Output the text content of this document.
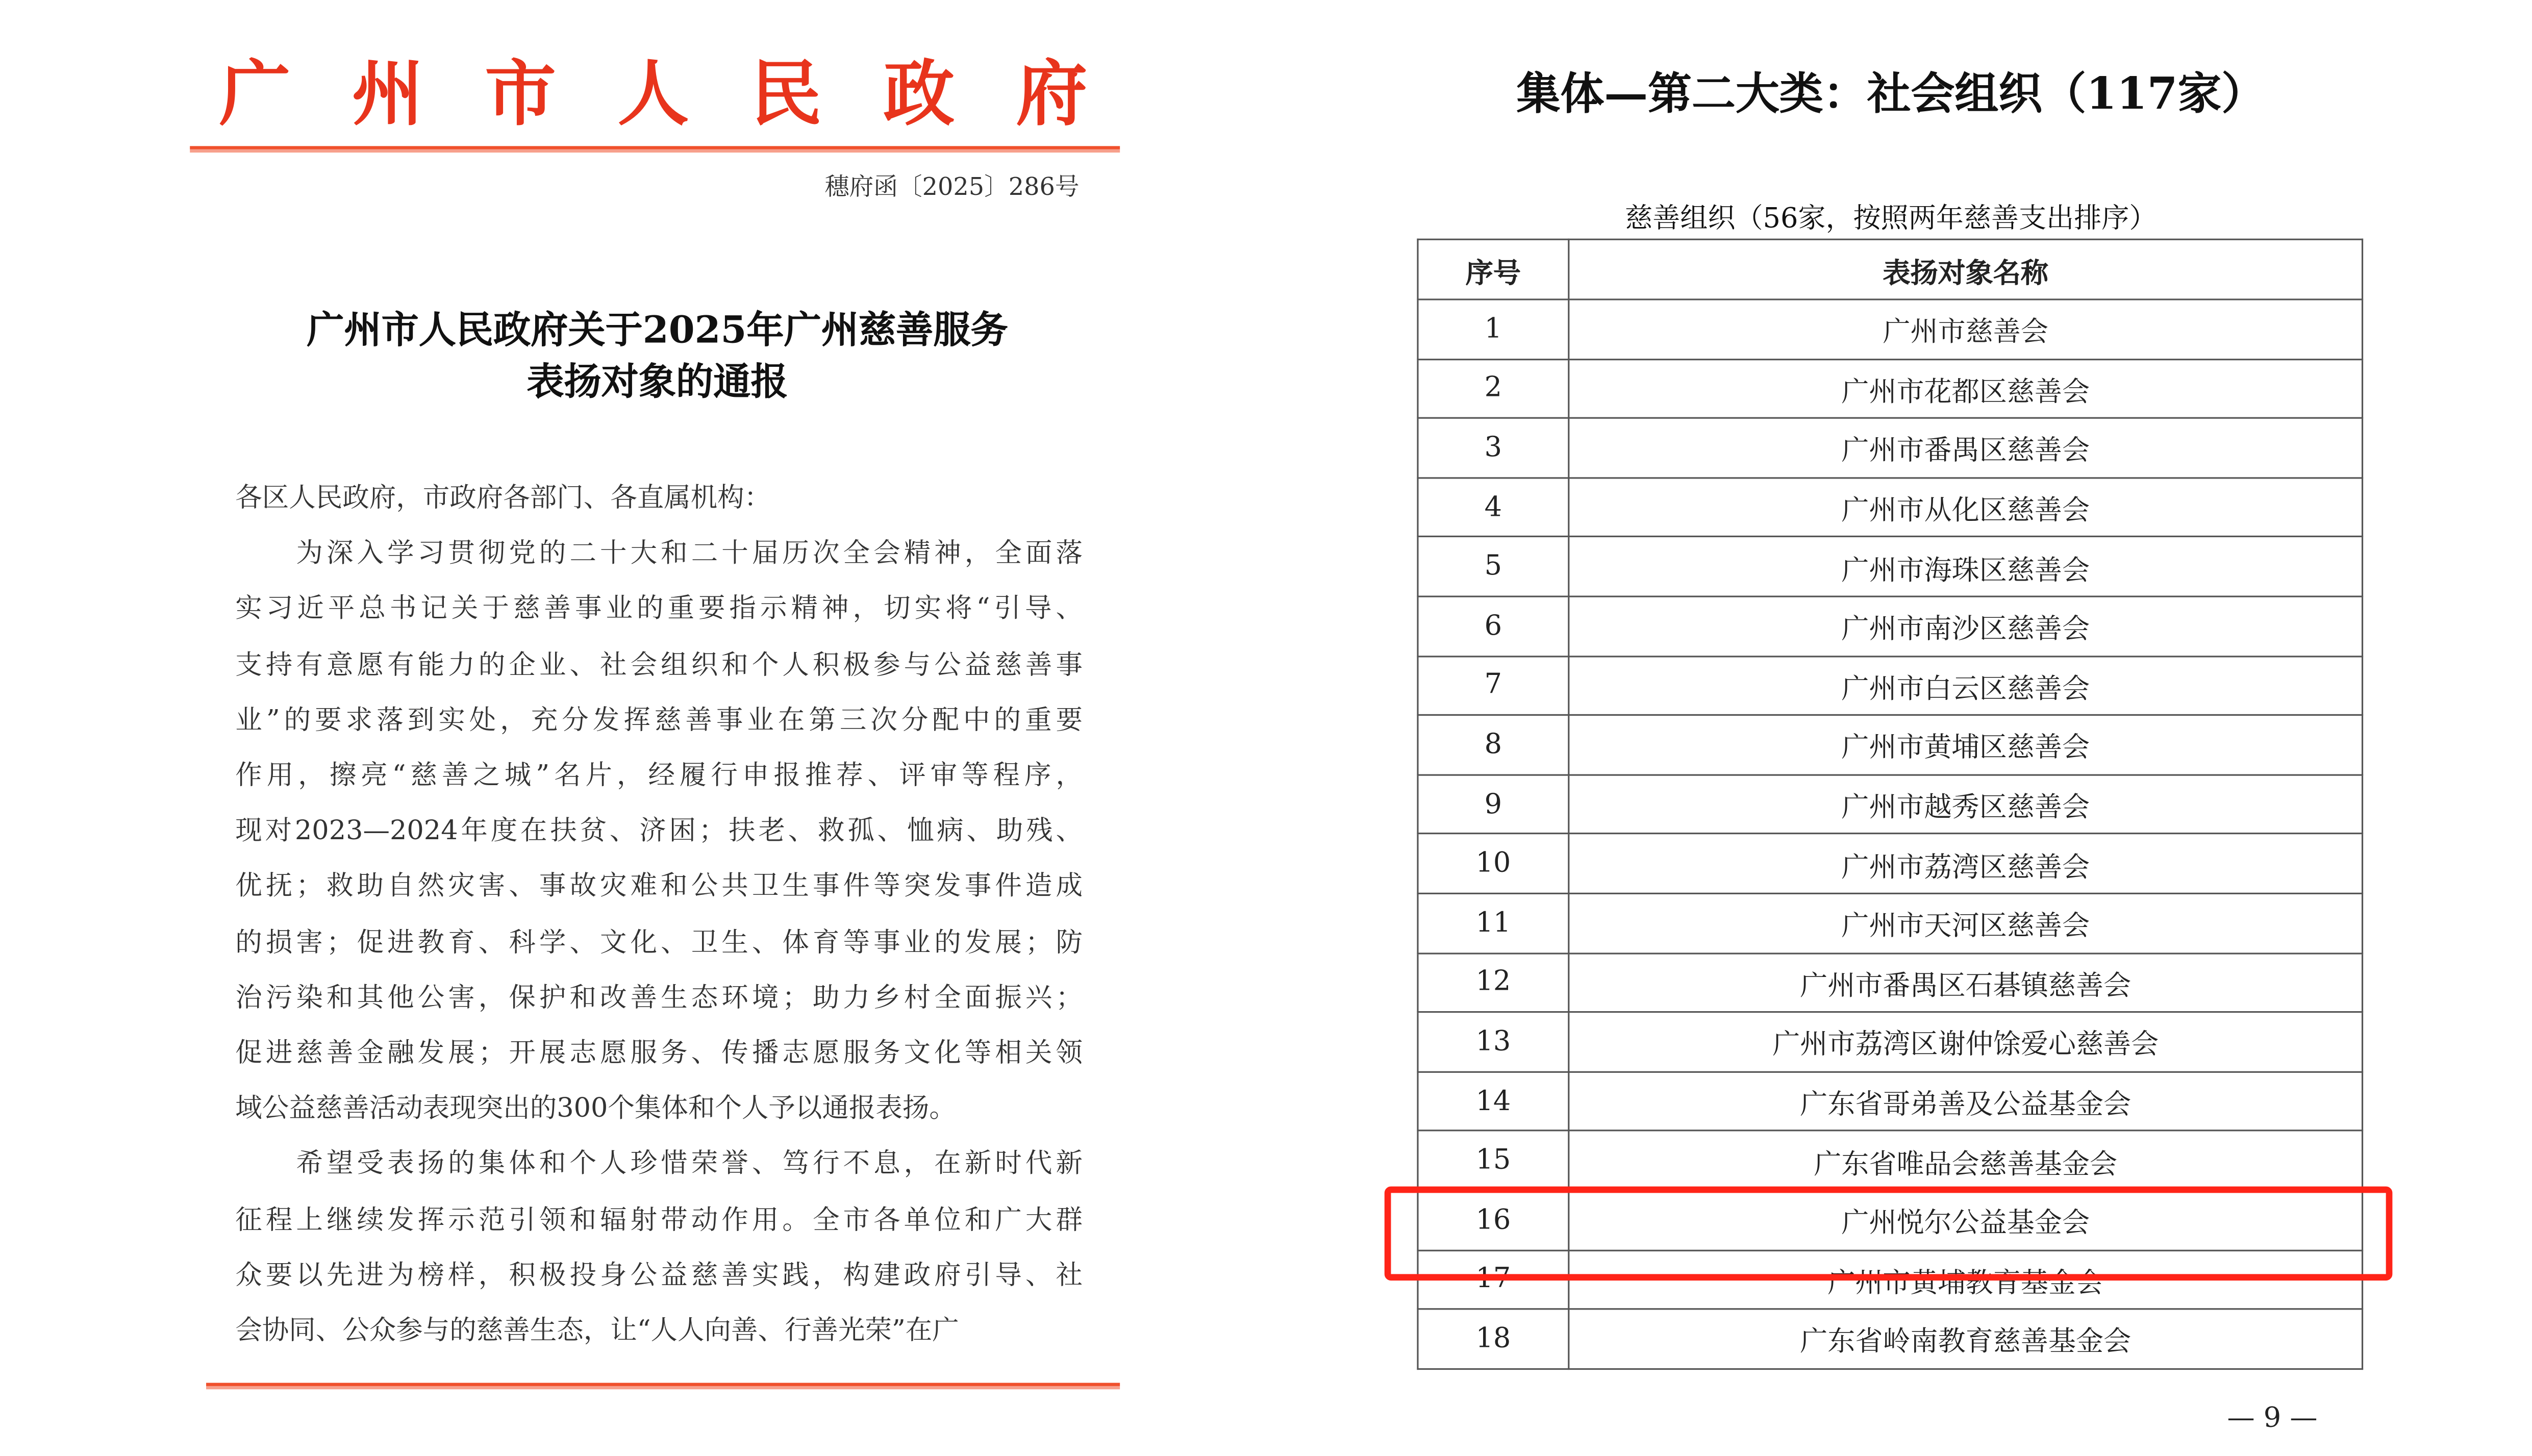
广	州	市	人	民	政	府
穗府函〔2025〕286号
广州市人民政府关于2025年广州慈善服务
表扬对象的通报
各区人民政府，市政府各部门、各直属机构：
　　为深入学习贯彻党的二十大和二十届历次全会精神，全面落
实习近平总书记关于慈善事业的重要指示精神，切实将“引导、
支持有意愿有能力的企业、社会组织和个人积极参与公益慈善事
业”的要求落到实处，充分发挥慈善事业在第三次分配中的重要
作用，擦亮“慈善之城”名片，经履行申报推荐、评审等程序，
现对2023—2024年度在扶贫、济困；扶老、救孤、恤病、助残、
优抚；救助自然灾害、事故灾难和公共卫生事件等突发事件造成
的损害；促进教育、科学、文化、卫生、体育等事业的发展；防
治污染和其他公害，保护和改善生态环境；助力乡村全面振兴；
促进慈善金融发展；开展志愿服务、传播志愿服务文化等相关领
域公益慈善活动表现突出的300个集体和个人予以通报表扬。
　　希望受表扬的集体和个人珍惜荣誉、笃行不息，在新时代新
征程上继续发挥示范引领和辐射带动作用。全市各单位和广大群
众要以先进为榜样，积极投身公益慈善实践，构建政府引导、社
会协同、公众参与的慈善生态，让“人人向善、行善光荣”在广
集体—第二大类：社会组织（117家）
慈善组织（56家，按照两年慈善支出排序）
序号	表扬对象名称
1	广州市慈善会
2	广州市花都区慈善会
3	广州市番禺区慈善会
4	广州市从化区慈善会
5	广州市海珠区慈善会
6	广州市南沙区慈善会
7	广州市白云区慈善会
8	广州市黄埔区慈善会
9	广州市越秀区慈善会
10	广州市荔湾区慈善会
11	广州市天河区慈善会
12	广州市番禺区石碁镇慈善会
13	广州市荔湾区谢仲馀爱心慈善会
14	广东省哥弟善及公益基金会
15	广东省唯品会慈善基金会
16	广州悦尔公益基金会
17	广州市黄埔教育基金会
18	广东省岭南教育慈善基金会
— 9 —
